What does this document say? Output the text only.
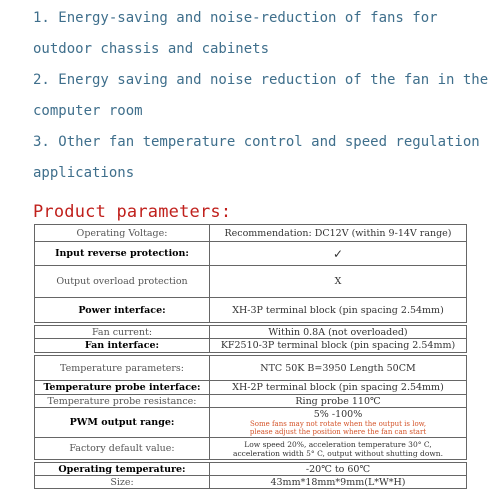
1. Energy-saving and noise-reduction of fans for
outdoor chassis and cabinets
2. Energy saving and noise reduction of the fan in the
computer room
3. Other fan temperature control and speed regulation
applications
Product parameters:
Operating Voltage:	Recommendation: DC12V (within 9-14V range)
Input reverse protection:	✓
Output overload protection	X
Power interface:	XH-3P terminal block (pin spacing 2.54mm)

Fan current:	Within 0.8A (not overloaded)
Fan interface:	KF2510-3P terminal block (pin spacing 2.54mm)

Temperature parameters:	NTC 50K B=3950 Length 50CM
Temperature probe interface:	XH-2P terminal block (pin spacing 2.54mm)
Temperature probe resistance:	Ring probe 110℃
PWM output range:	5% -100%
Some fans may not rotate when the output is low,
please adjust the position where the fan can start

Factory default value:	Low speed 20%, acceleration temperature 30° C,
acceleration width 5° C, output without shutting down.

Operating temperature:	-20℃ to 60℃
Size:	43mm*18mm*9mm(L*W*H)
